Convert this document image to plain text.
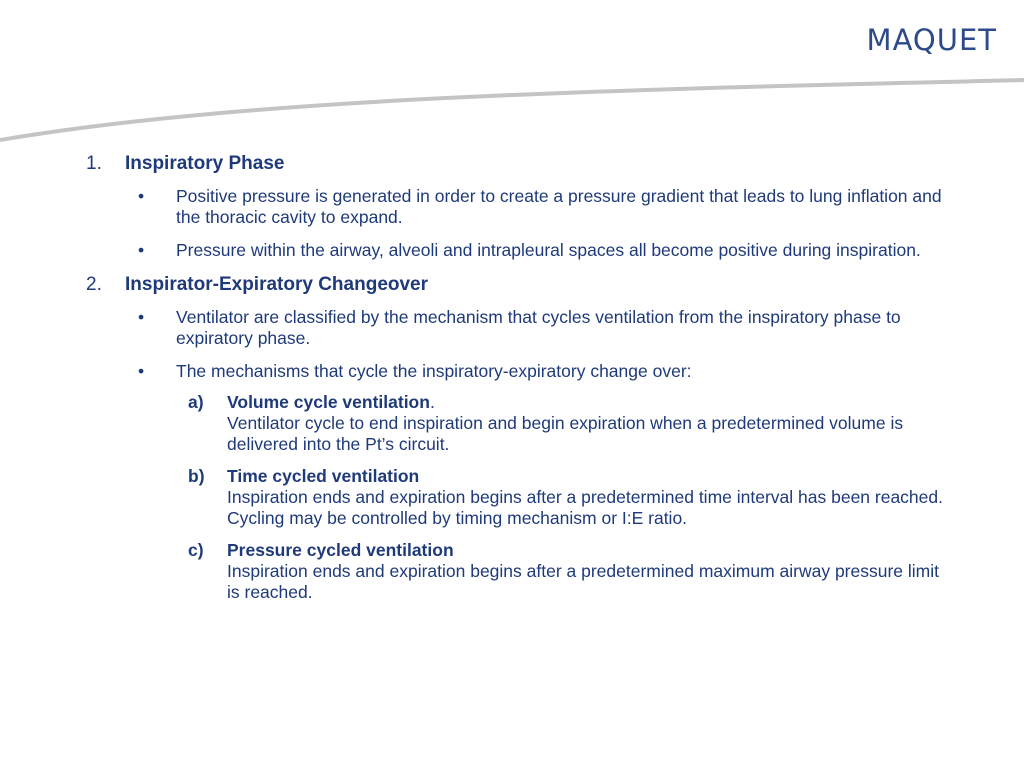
MAQUET
1.	Inspiratory Phase
•	Positive pressure is generated in order to create a pressure gradient that leads to lung inflation and the thoracic cavity to expand.
•	Pressure within the airway, alveoli and intrapleural spaces all become positive during inspiration.
2.	Inspirator-Expiratory Changeover
•	Ventilator are classified by the mechanism that cycles ventilation from the inspiratory phase to expiratory phase.
•	The mechanisms that cycle the inspiratory-expiratory change over:
a)	Volume cycle ventilation.
Ventilator cycle to end inspiration and begin expiration when a predetermined volume is delivered into the Pt’s circuit.
b)	Time cycled ventilation
Inspiration ends and expiration begins after a predetermined time interval has been reached. Cycling may be controlled by timing mechanism or I:E ratio.
c)	Pressure cycled ventilation
Inspiration ends and expiration begins after a predetermined maximum airway pressure limit is reached.
